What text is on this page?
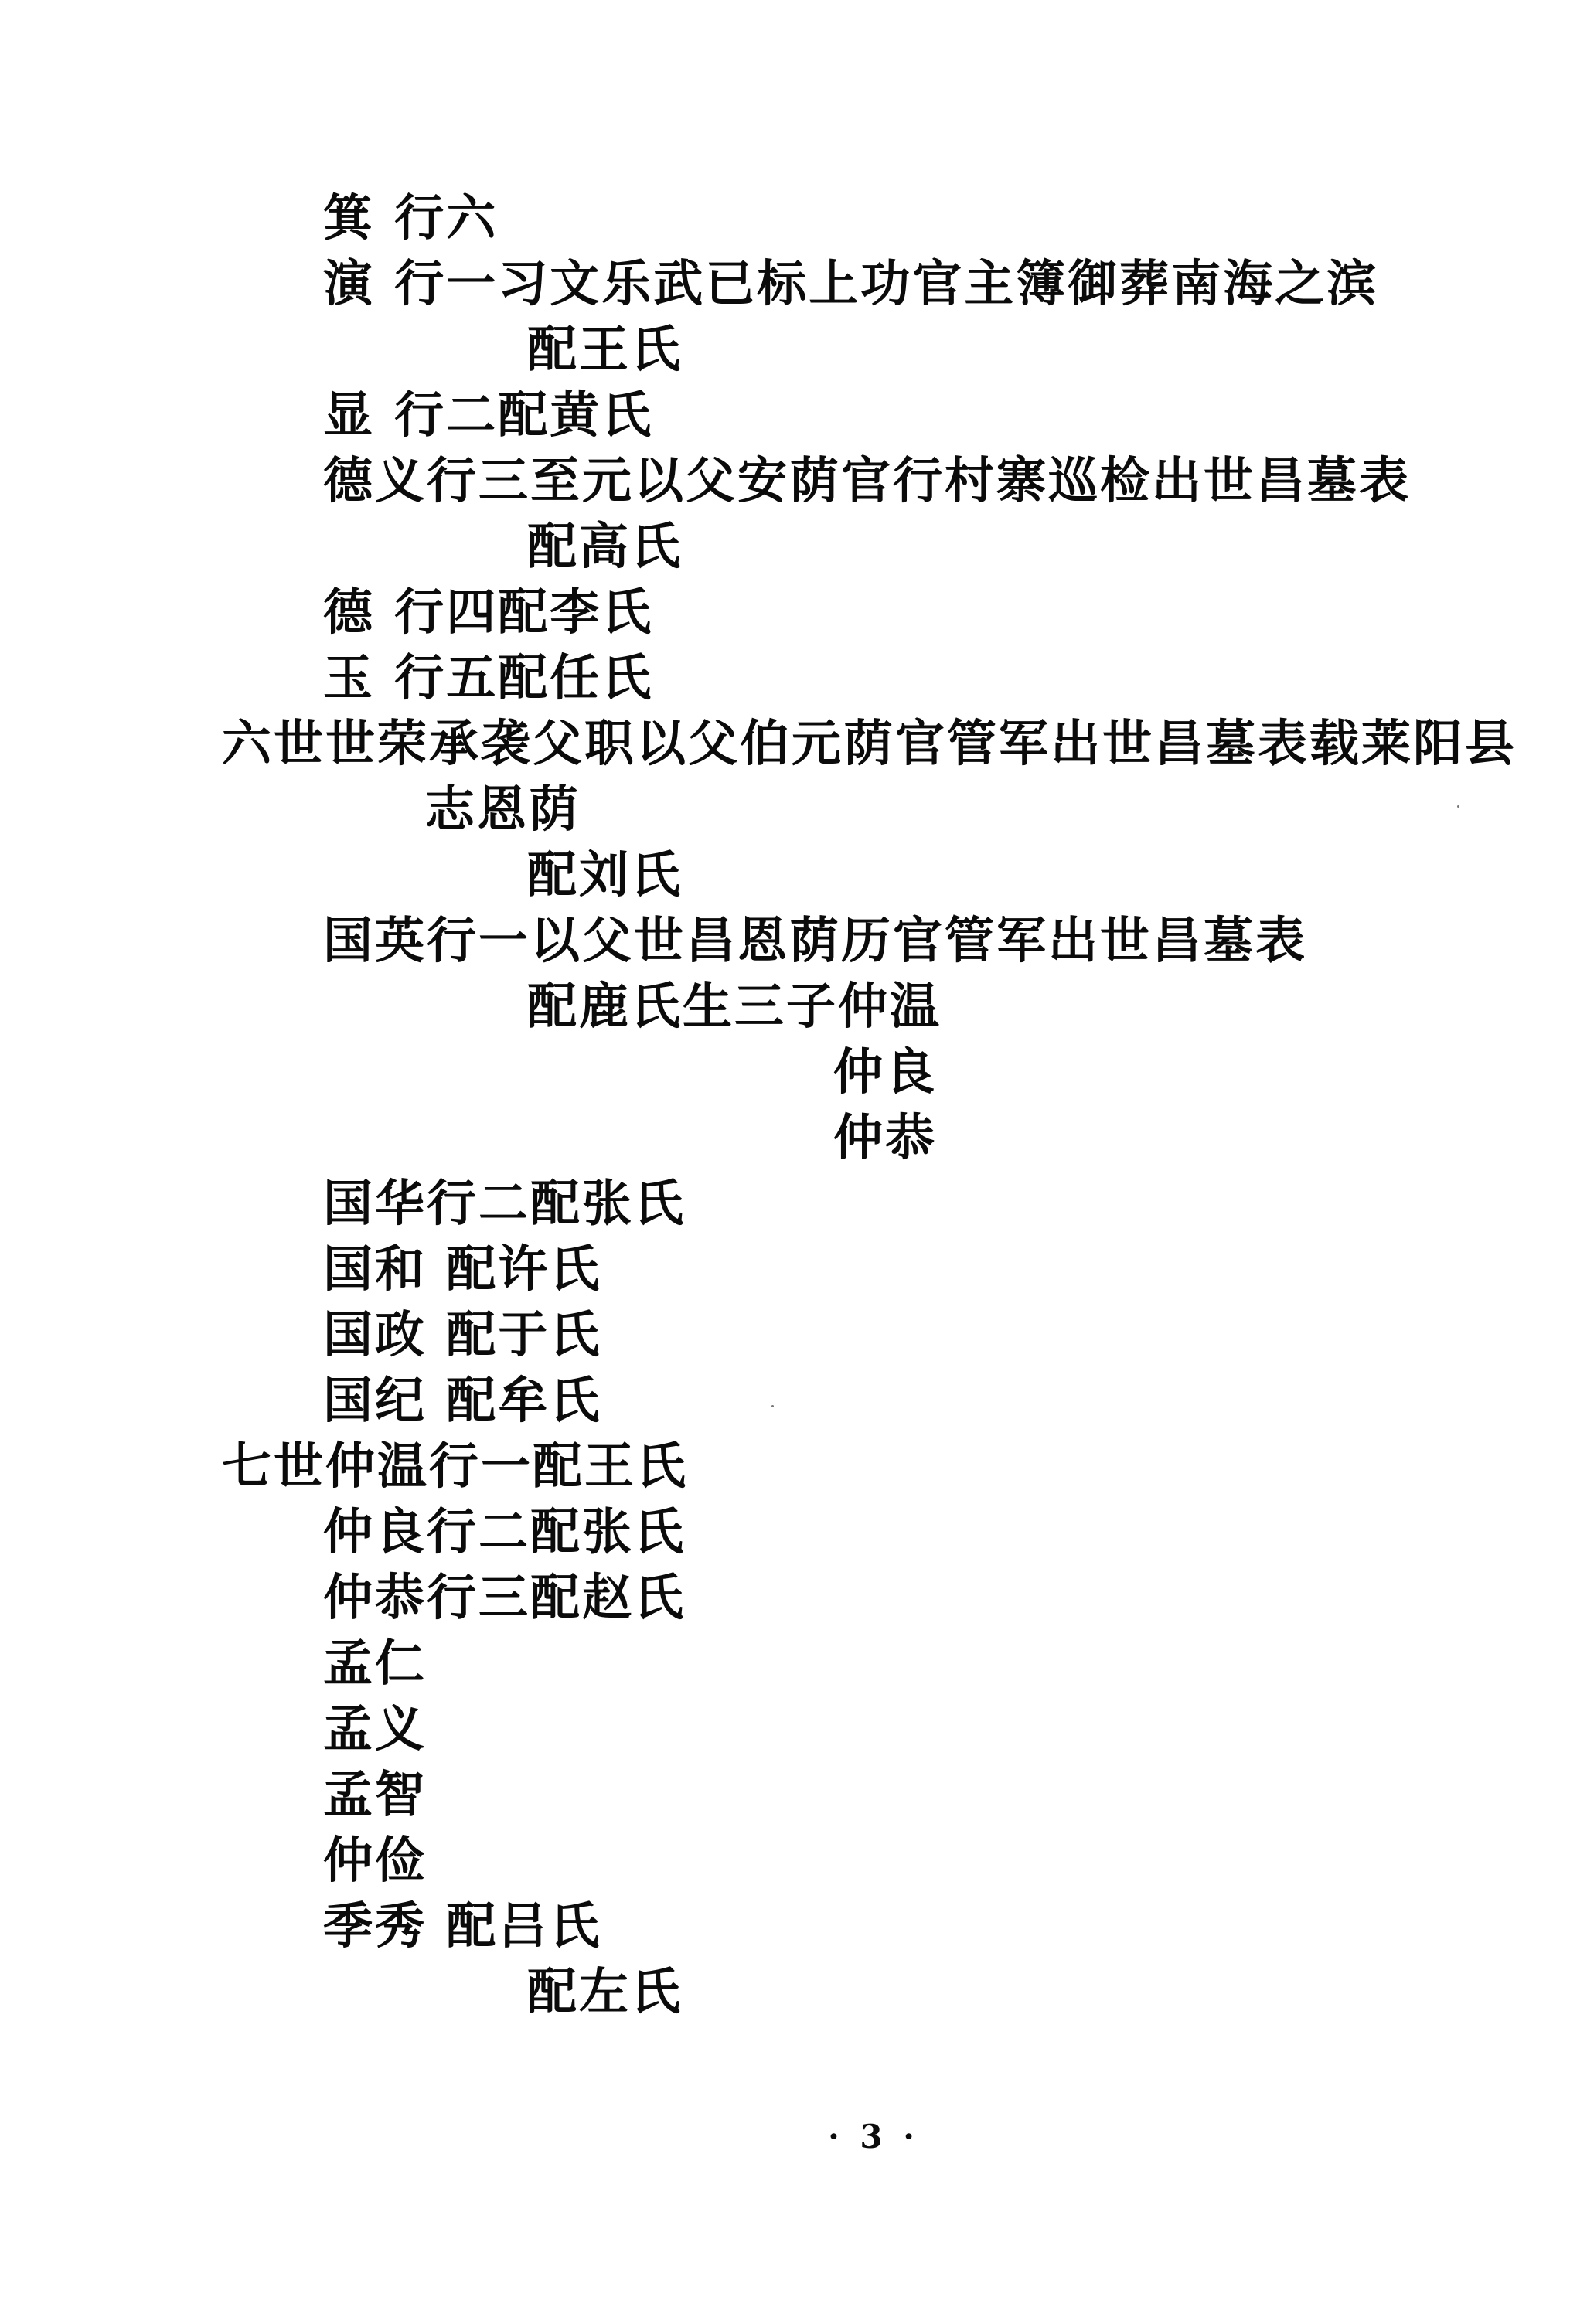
箕 行六
演 行一习文乐武已标上功官主簿御葬南海之滨
配王氏
显 行二配黄氏
德义行三至元以父安荫官行村寨巡检出世昌墓表
配高氏
德 行四配李氏
玉 行五配任氏
六世世荣承袭父职以父伯元荫官管军出世昌墓表载莱阳县
志恩荫
配刘氏
国英行一以父世昌恩荫历官管军出世昌墓表
配鹿氏生三子仲温
仲良
仲恭
国华行二配张氏
国和 配许氏
国政 配于氏
国纪 配牟氏
七世仲温行一配王氏
仲良行二配张氏
仲恭行三配赵氏
孟仁
孟义
孟智
仲俭
季秀 配吕氏
配左氏
· 3 ·
